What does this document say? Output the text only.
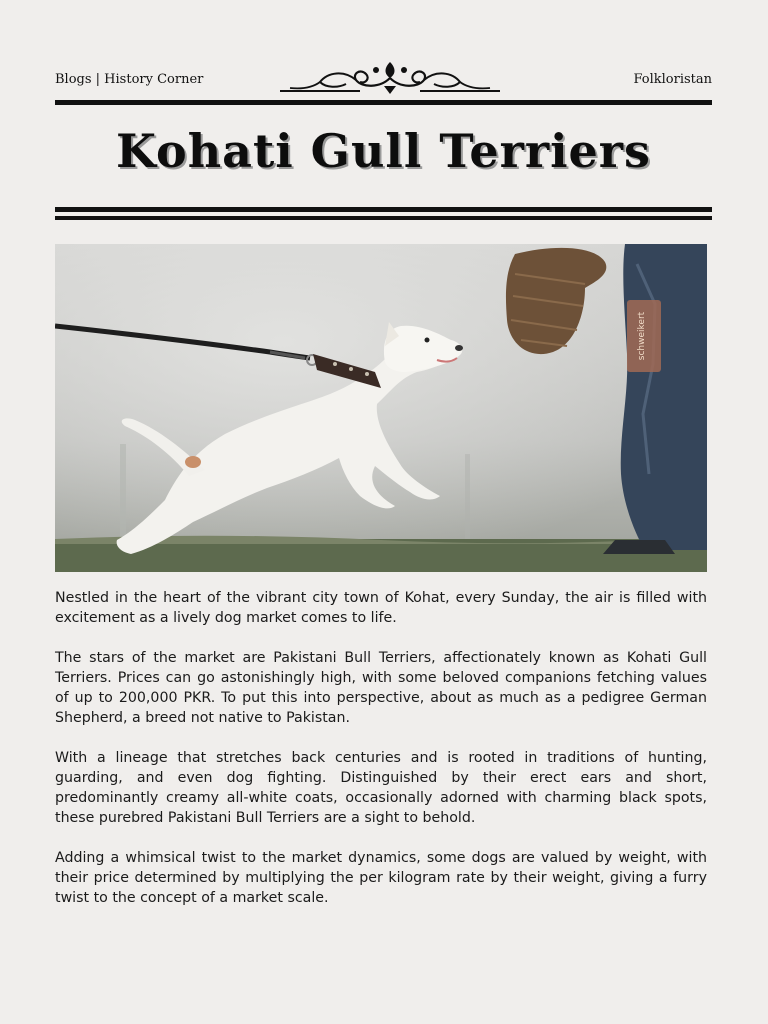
Blogs | History Corner	Folkloristan
Kohati Gull Terriers
schweikert

Nestled in the heart of the vibrant city town of Kohat, every Sunday, the air is filled with excitement as a lively dog market comes to life.

The stars of the market are Pakistani Bull Terriers, affectionately known as Kohati Gull Terriers. Prices can go astonishingly high, with some beloved companions fetching values of up to 200,000 PKR. To put this into perspective, about as much as a pedigree German Shepherd, a breed not native to Pakistan.

With a lineage that stretches back centuries and is rooted in traditions of hunting, guarding, and even dog fighting. Distinguished by their erect ears and short, predominantly creamy all-white coats, occasionally adorned with charming black spots, these purebred Pakistani Bull Terriers are a sight to behold.

Adding a whimsical twist to the market dynamics, some dogs are valued by weight, with their price determined by multiplying the per kilogram rate by their weight, giving a furry twist to the concept of a market scale.
